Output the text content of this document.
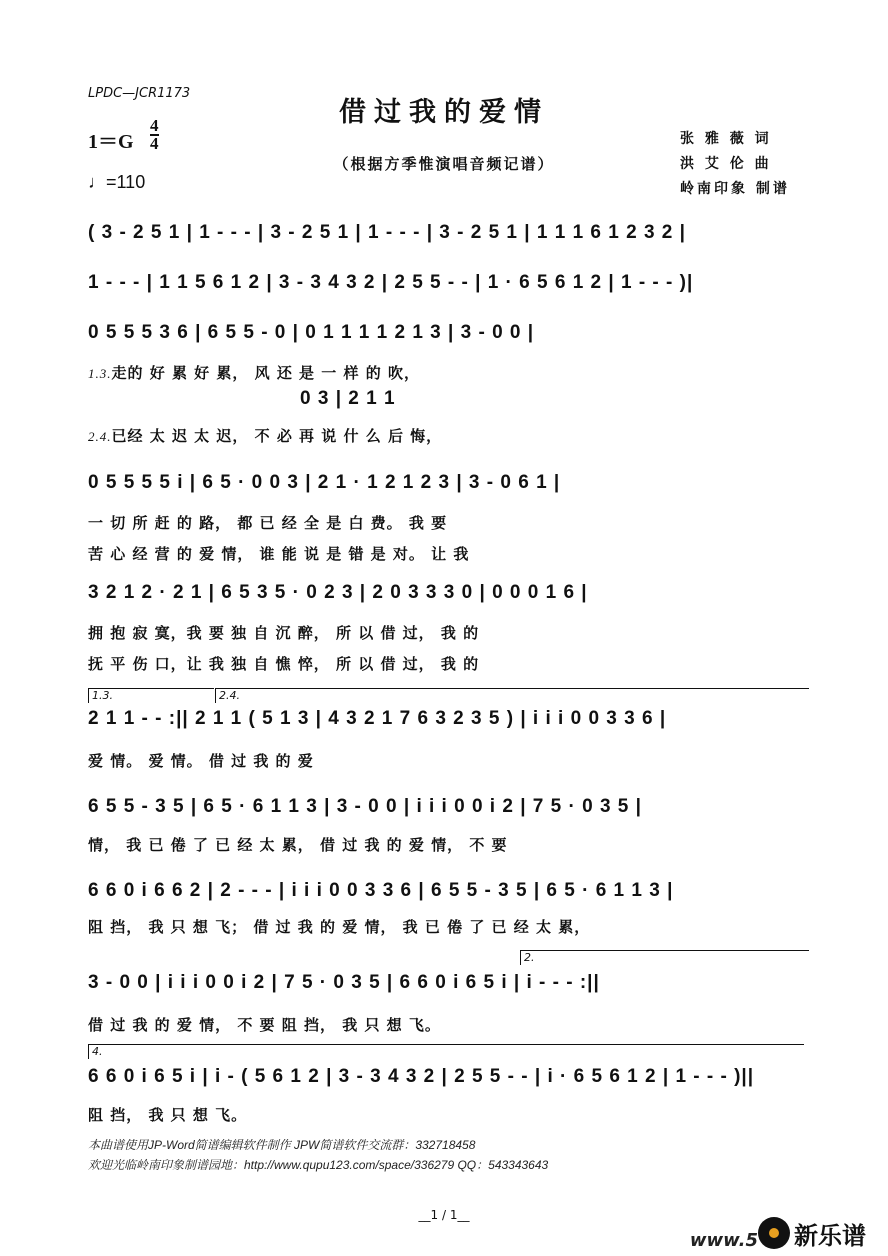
LPDC—JCR1173
借过我的爱情
1＝G
4
4
♩=110
（根据方季惟演唱音频记谱）
张 雅 薇 词
洪 艾 伦 曲
岭南印象 制谱
( 3 - 2 5 1 | 1 - - - | 3 - 2 5 1 | 1 - - - | 3 - 2 5 1 | 1 1 1 6 1 2 3 2 |
1 - - - | 1 1 5 6 1 2 | 3 - 3 4 3 2 | 2 5 5 - - | 1 · 6 5 6 1 2 | 1 - - - )|
0 5 5 5 3 6 | 6 5 5 - 0 | 0 1 1 1 1 2 1 3 | 3 - 0 0 |
1.3.走的 好 累 好 累， 风 还 是 一 样 的 吹，
0 3 | 2 1 1
2.4.已经 太 迟 太 迟， 不 必 再 说 什 么 后 悔，
0 5 5 5 5 i | 6 5 · 0 0 3 | 2 1 · 1 2 1 2 3 | 3 - 0 6 1 |
一 切 所 赶 的 路， 都 已 经 全 是 白 费。 我 要
苦 心 经 营 的 爱 情， 谁 能 说 是 错 是 对。 让 我
3 2 1 2 · 2 1 | 6 5 3 5 · 0 2 3 | 2 0 3 3 3 0 | 0 0 0 1 6 |
拥 抱 寂 寞，我 要 独 自 沉 醉， 所 以 借 过， 我 的
抚 平 伤 口，让 我 独 自 憔 悴， 所 以 借 过， 我 的
2 1 1 - - :|| 2 1 1 ( 5 1 3 | 4 3 2 1 7 6 3 2 3 5 ) | i i i 0 0 3 3 6 |
爱 情。 爱 情。 借 过 我 的 爱
6 5 5 - 3 5 | 6 5 · 6 1 1 3 | 3 - 0 0 | i i i 0 0 i 2 | 7 5 · 0 3 5 |
情， 我 已 倦 了 已 经 太 累， 借 过 我 的 爱 情， 不 要
6 6 0 i 6 6 2 | 2 - - - | i i i 0 0 3 3 6 | 6 5 5 - 3 5 | 6 5 · 6 1 1 3 |
阻 挡， 我 只 想 飞； 借 过 我 的 爱 情， 我 已 倦 了 已 经 太 累，
3 - 0 0 | i i i 0 0 i 2 | 7 5 · 0 3 5 | 6 6 0 i 6 5 i | i - - - :||
借 过 我 的 爱 情， 不 要 阻 挡， 我 只 想 飞。
6 6 0 i 6 5 i | i - ( 5 6 1 2 | 3 - 3 4 3 2 | 2 5 5 - - | i · 6 5 6 1 2 | 1 - - - )||
阻 挡， 我 只 想 飞。
1.3.	2.4.
2.
4.
本曲谱使用JP-Word简谱编辑软件制作 JPW简谱软件交流群：332718458
欢迎光临岭南印象制谱园地：http://www.qupu123.com/space/336279 QQ：543343643
__1 / 1__
www.5 新乐谱
